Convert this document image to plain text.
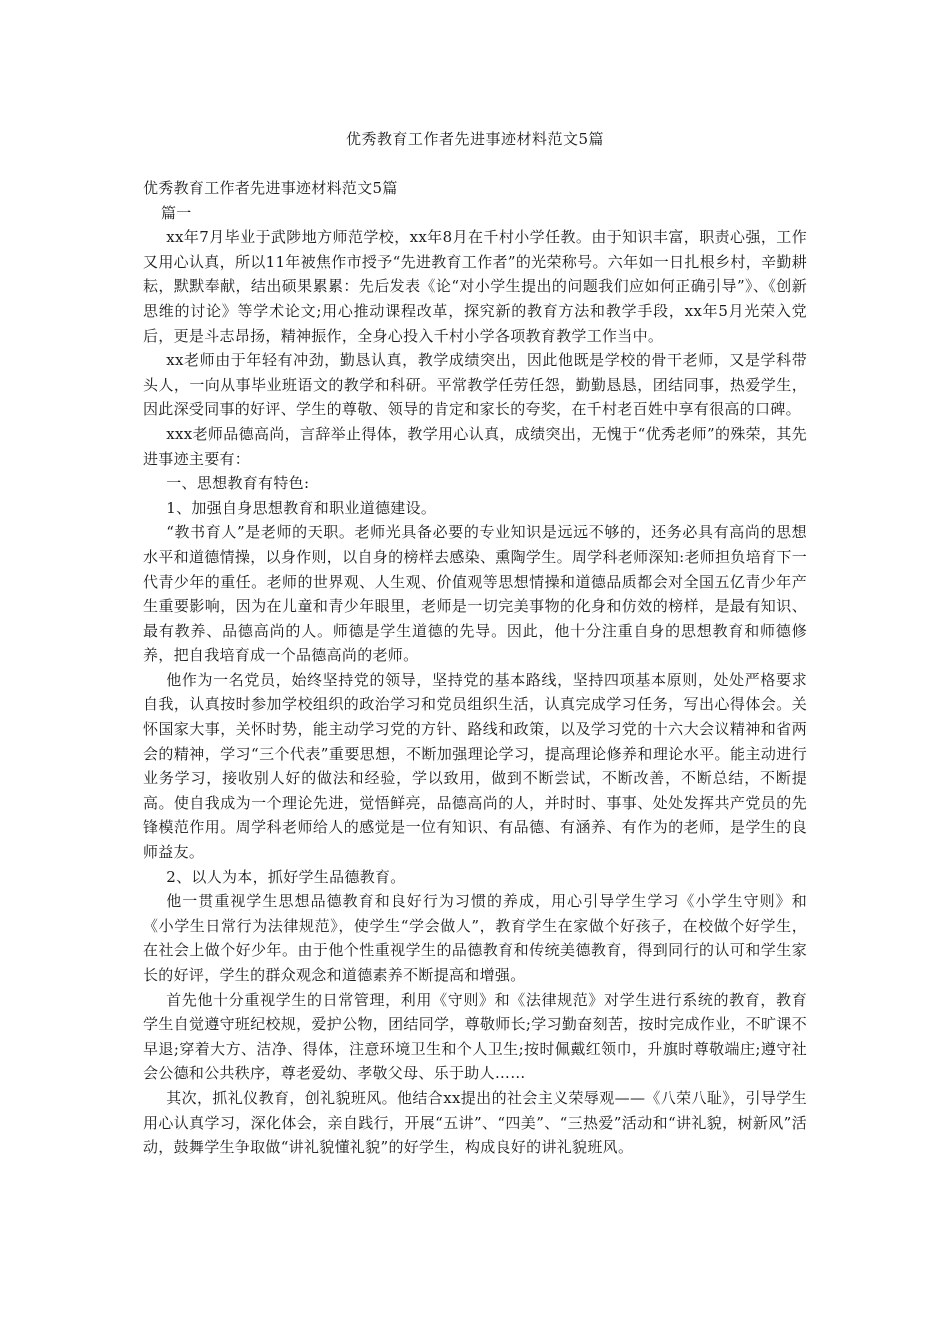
优秀教育工作者先进事迹材料范文5篇

优秀教育工作者先进事迹材料范文5篇

篇一

xx年7月毕业于武陟地方师范学校，xx年8月在千村小学任教。由于知识丰富，职责心强，工作又用心认真，所以11年被焦作市授予“先进教育工作者”的光荣称号。六年如一日扎根乡村，辛勤耕耘，默默奉献，结出硕果累累：先后发表《论“对小学生提出的问题我们应如何正确引导”》、《创新思维的讨论》等学术论文;用心推动课程改革，探究新的教育方法和教学手段，xx年5月光荣入党后，更是斗志昂扬，精神振作，全身心投入千村小学各项教育教学工作当中。

xx老师由于年轻有冲劲，勤恳认真，教学成绩突出，因此他既是学校的骨干老师，又是学科带头人，一向从事毕业班语文的教学和科研。平常教学任劳任怨，勤勤恳恳，团结同事，热爱学生，因此深受同事的好评、学生的尊敬、领导的肯定和家长的夸奖，在千村老百姓中享有很高的口碑。

xxx老师品德高尚，言辞举止得体，教学用心认真，成绩突出，无愧于“优秀老师”的殊荣，其先进事迹主要有：

一、思想教育有特色:

1、加强自身思想教育和职业道德建设。

“教书育人”是老师的天职。老师光具备必要的专业知识是远远不够的，还务必具有高尚的思想水平和道德情操，以身作则，以自身的榜样去感染、熏陶学生。周学科老师深知:老师担负培育下一代青少年的重任。老师的世界观、人生观、价值观等思想情操和道德品质都会对全国五亿青少年产生重要影响，因为在儿童和青少年眼里，老师是一切完美事物的化身和仿效的榜样，是最有知识、最有教养、品德高尚的人。师德是学生道德的先导。因此，他十分注重自身的思想教育和师德修养，把自我培育成一个品德高尚的老师。

他作为一名党员，始终坚持党的领导，坚持党的基本路线，坚持四项基本原则，处处严格要求自我，认真按时参加学校组织的政治学习和党员组织生活，认真完成学习任务，写出心得体会。关怀国家大事，关怀时势，能主动学习党的方针、路线和政策，以及学习党的十六大会议精神和省两会的精神，学习“三个代表”重要思想，不断加强理论学习，提高理论修养和理论水平。能主动进行业务学习，接收别人好的做法和经验，学以致用，做到不断尝试，不断改善，不断总结，不断提高。使自我成为一个理论先进，觉悟鲜亮，品德高尚的人，并时时、事事、处处发挥共产党员的先锋模范作用。周学科老师给人的感觉是一位有知识、有品德、有涵养、有作为的老师，是学生的良师益友。

2、以人为本，抓好学生品德教育。

他一贯重视学生思想品德教育和良好行为习惯的养成，用心引导学生学习《小学生守则》和《小学生日常行为法律规范》，使学生“学会做人”，教育学生在家做个好孩子，在校做个好学生，在社会上做个好少年。由于他个性重视学生的品德教育和传统美德教育，得到同行的认可和学生家长的好评，学生的群众观念和道德素养不断提高和增强。

首先他十分重视学生的日常管理，利用《守则》和《法律规范》对学生进行系统的教育，教育学生自觉遵守班纪校规，爱护公物，团结同学，尊敬师长;学习勤奋刻苦，按时完成作业，不旷课不早退;穿着大方、洁净、得体，注意环境卫生和个人卫生;按时佩戴红领巾，升旗时尊敬端庄;遵守社会公德和公共秩序，尊老爱幼、孝敬父母、乐于助人……

其次，抓礼仪教育，创礼貌班风。他结合xx提出的社会主义荣辱观——《八荣八耻》，引导学生用心认真学习，深化体会，亲自践行，开展“五讲”、“四美”、“三热爱”活动和“讲礼貌，树新风”活动，鼓舞学生争取做“讲礼貌懂礼貌”的好学生，构成良好的讲礼貌班风。
